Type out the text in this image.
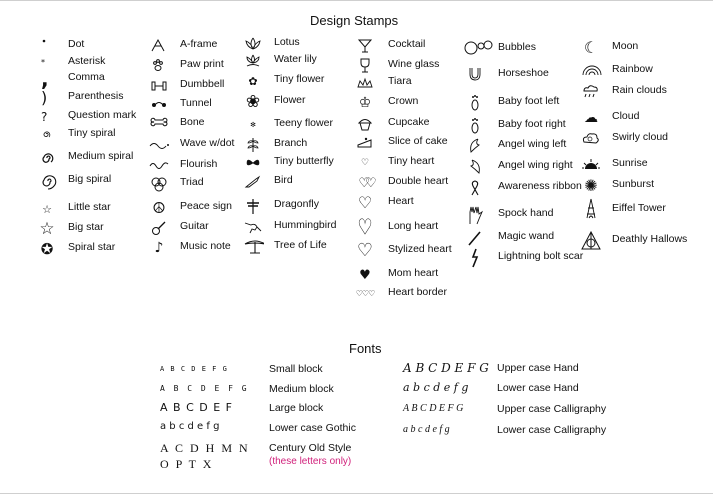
Design Stamps
Dot
*	Asterisk
,	Comma
)	Parenthesis
?	Question mark
Tiny spiral
Medium spiral
Big spiral
☆	Little star
☆	Big star
✪	Spiral star
A-frame
Paw print
Dumbbell
Tunnel
Bone
Wave w/dot
Flourish
Triad
☮	Peace sign
Guitar
♪	Music note
Lotus
Water lily
✿	Tiny flower
❀	Flower
✻	Teeny flower
Branch
Tiny butterfly
Bird
Dragonfly
Hummingbird
Tree of Life
Cocktail
Wine glass
Tiara
♔	Crown
Cupcake
Slice of cake
♡	Tiny heart
♡♡	Double heart
♡	Heart
♡	Long heart
♡ Stylized heart
♥	Mom heart
♡♡♡ Heart border
Bubbles
Horseshoe
Baby foot left
Baby foot right
Angel wing left
Angel wing right
Awareness ribbon
Spock hand
Magic wand
Lightning bolt scar
☾	Moon
Rainbow
Rain clouds
☁	Cloud
Swirly cloud
Sunrise
✺	Sunburst
Eiffel Tower
Deathly Hallows
Fonts
A B C D E F G	Small block
A B C D E F G Medium block
A B C D E F	Large block
a b c d e f g	Lower case Gothic
A C D H M N
O P T X
Century Old Style
(these letters only)
A B C D E F G Upper case Hand
a b c d e f g	Lower case Hand
A B C D E F G	Upper case Calligraphy
a b c d e f g	Lower case Calligraphy
